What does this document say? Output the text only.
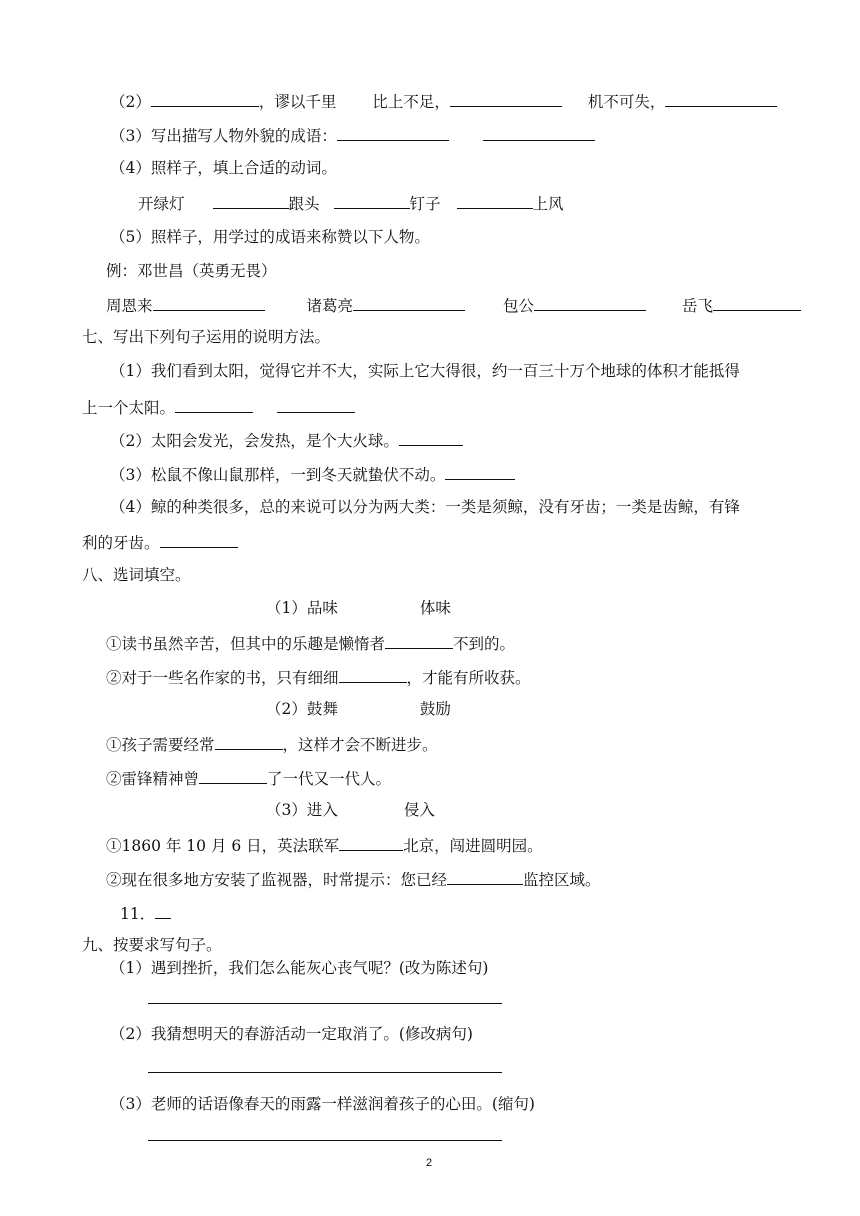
（2）	，谬以千里 比上不足，	机不可失，
（3）写出描写人物外貌的成语：
（4）照样子，填上合适的动词。
开绿灯	跟头	钉子	上风
（5）照样子，用学过的成语来称赞以下人物。
例：邓世昌（英勇无畏）
周恩来	诸葛亮	包公	岳飞
七、写出下列句子运用的说明方法。
（1）我们看到太阳，觉得它并不大，实际上它大得很，约一百三十万个地球的体积才能抵得
上一个太阳。
（2）太阳会发光，会发热，是个大火球。
（3）松鼠不像山鼠那样，一到冬天就蛰伏不动。
（4）鲸的种类很多，总的来说可以分为两大类：一类是须鲸，没有牙齿；一类是齿鲸，有锋
利的牙齿。
八、选词填空。
（1）品味	体味
①读书虽然辛苦，但其中的乐趣是懒惰者	不到的。
②对于一些名作家的书，只有细细	，才能有所收获。
（2）鼓舞	鼓励
①孩子需要经常	，这样才会不断进步。
②雷锋精神曾	了一代又一代人。
（3）进入	侵入
①1860 年 10 月 6 日，英法联军	北京，闯进圆明园。
②现在很多地方安装了监视器，时常提示：您已经	监控区域。
11．
九、按要求写句子。
（1）遇到挫折，我们怎么能灰心丧气呢？(改为陈述句)
（2）我猜想明天的春游活动一定取消了。(修改病句)
（3）老师的话语像春天的雨露一样滋润着孩子的心田。(缩句)
2
